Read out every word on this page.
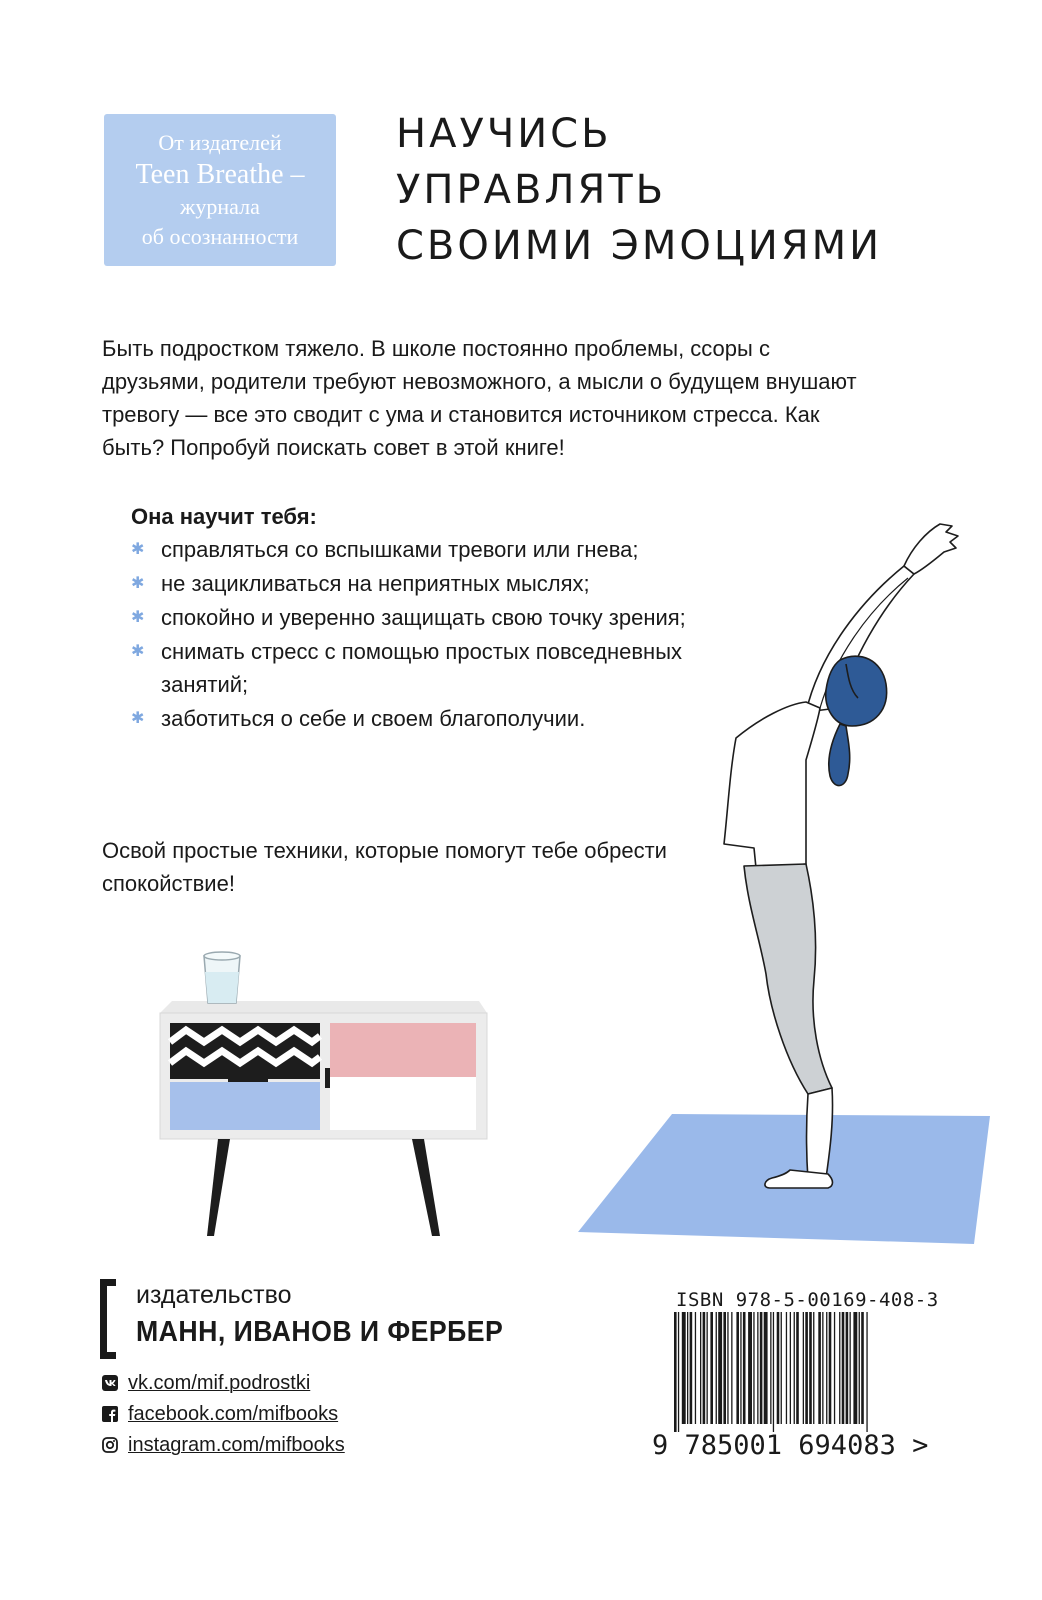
От издателей
Teen Breathe –
журнала
об осознанности
НАУЧИСЬ
УПРАВЛЯТЬ
СВОИМИ ЭМОЦИЯМИ

Быть подростком тяжело. В школе постоянно проблемы, ссоры с друзьями, родители требуют невозможного, а мысли о будущем внушают тревогу — все это сводит с ума и становится источником стресса. Как быть? Попробуй поискать совет в этой книге!

Она научит тебя:

✱ справляться со вспышками тревоги или гнева;
✱ не зацикливаться на неприятных мыслях;
✱ спокойно и уверенно защищать свою точку зрения;
✱ снимать стресс с помощью простых повседневных занятий;
✱ заботиться о себе и своем благополучии.

Освой простые техники, которые помогут тебе обрести спокойствие!

издательство
МАНН, ИВАНОВ И ФЕРБЕР

vk.com/mif.podrostki

facebook.com/mifbooks

instagram.com/mifbooks

ISBN 978-5-00169-408-3
9 785001 694083 >
